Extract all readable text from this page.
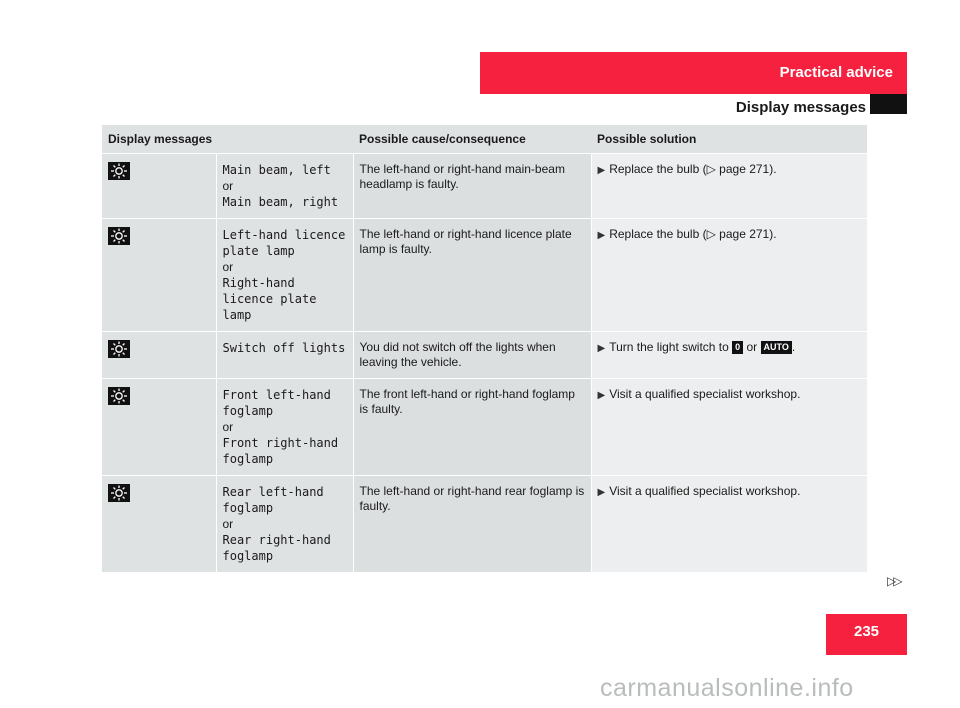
Practical advice
Display messages
Display messages		Possible cause/consequence	Possible solution

Main beam, left
or
Main beam, right	The left-hand or right-hand main-beam headlamp is faulty.	▶ Replace the bulb (▷ page 271).

Left-hand licence plate lamp
or
Right-hand licence plate lamp	The left-hand or right-hand licence plate lamp is faulty.	▶ Replace the bulb (▷ page 271).

Switch off lights	You did not switch off the lights when leaving the vehicle.	▶ Turn the light switch to 0 or AUTO .

Front left-hand foglamp
or
Front right-hand foglamp	The front left-hand or right-hand foglamp is faulty.	▶ Visit a qualified specialist workshop.

Rear left-hand foglamp
or
Rear right-hand foglamp	The left-hand or right-hand rear foglamp is faulty.	▶ Visit a qualified specialist workshop.
▷▷
235
carmanualsonline.info
